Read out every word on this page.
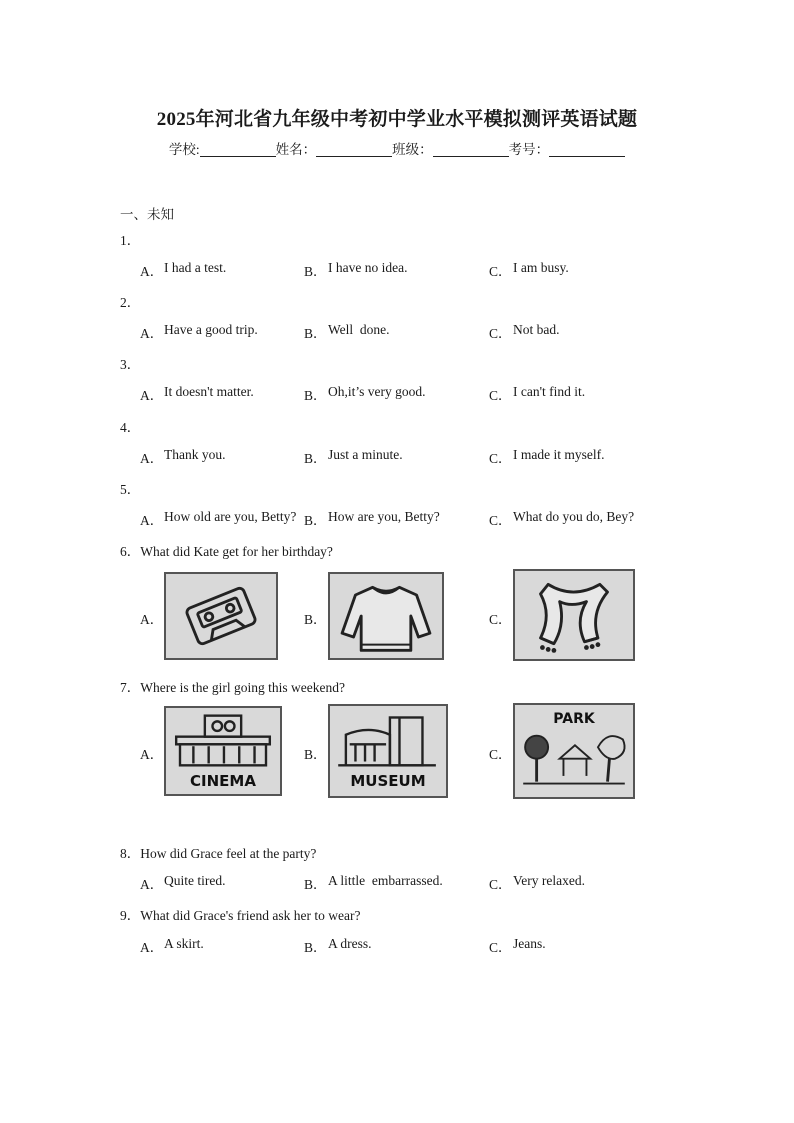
2025年河北省九年级中考初中学业水平模拟测评英语试题
学校:	姓名：	班级：	考号：
一、未知
1．
A． I had a test.	B． I have no idea.	C． I am busy.
2．
A． Have a good trip.	B． Well  done.	C． Not bad.
3．
A． It doesn't matter.	B． Oh,it’s very good.	C． I can't find it.
4．
A． Thank you.	B． Just a minute.	C． I made it myself.
5．
A． How old are you, Betty? B． How are you, Betty?	C． What do you do, Bey?
6．What did Kate get for her birthday?
A．	B．	C．
7．Where is the girl going this weekend?
A．
CINEMA
B．
MUSEUM
C．
PARK
8．How did Grace feel at the party?
A． Quite tired.	B． A little  embarrassed.	C． Very relaxed.
9．What did Grace's friend ask her to wear?
A． A skirt.	B． A dress.	C． Jeans.
